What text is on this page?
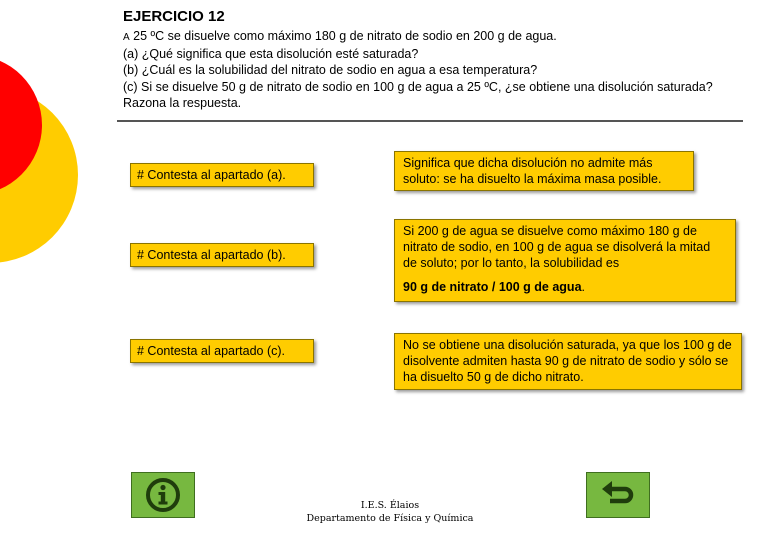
EJERCICIO 12
A 25 ºC se disuelve como máximo 180 g de nitrato de sodio en 200 g de agua.
(a) ¿Qué significa que esta disolución esté saturada?
(b) ¿Cuál es la solubilidad del nitrato de sodio en agua a esa temperatura?
(c) Si se disuelve 50 g de nitrato de sodio en 100 g de agua a 25 ºC, ¿se obtiene una disolución saturada? Razona la respuesta.
# Contesta al apartado (a).
# Contesta al apartado (b).
# Contesta al apartado (c).
Significa que dicha disolución no admite más soluto: se ha disuelto la máxima masa posible.
Si 200 g de agua se disuelve como máximo 180 g de nitrato de sodio, en 100 g de agua se disolverá la mitad de soluto; por lo tanto, la solubilidad es
90 g de nitrato / 100 g de agua.
No se obtiene una disolución saturada, ya que los 100 g de disolvente admiten hasta 90 g de nitrato de sodio y sólo se ha disuelto 50 g de dicho nitrato.
I.E.S. Élaios
Departamento de Física y Química
